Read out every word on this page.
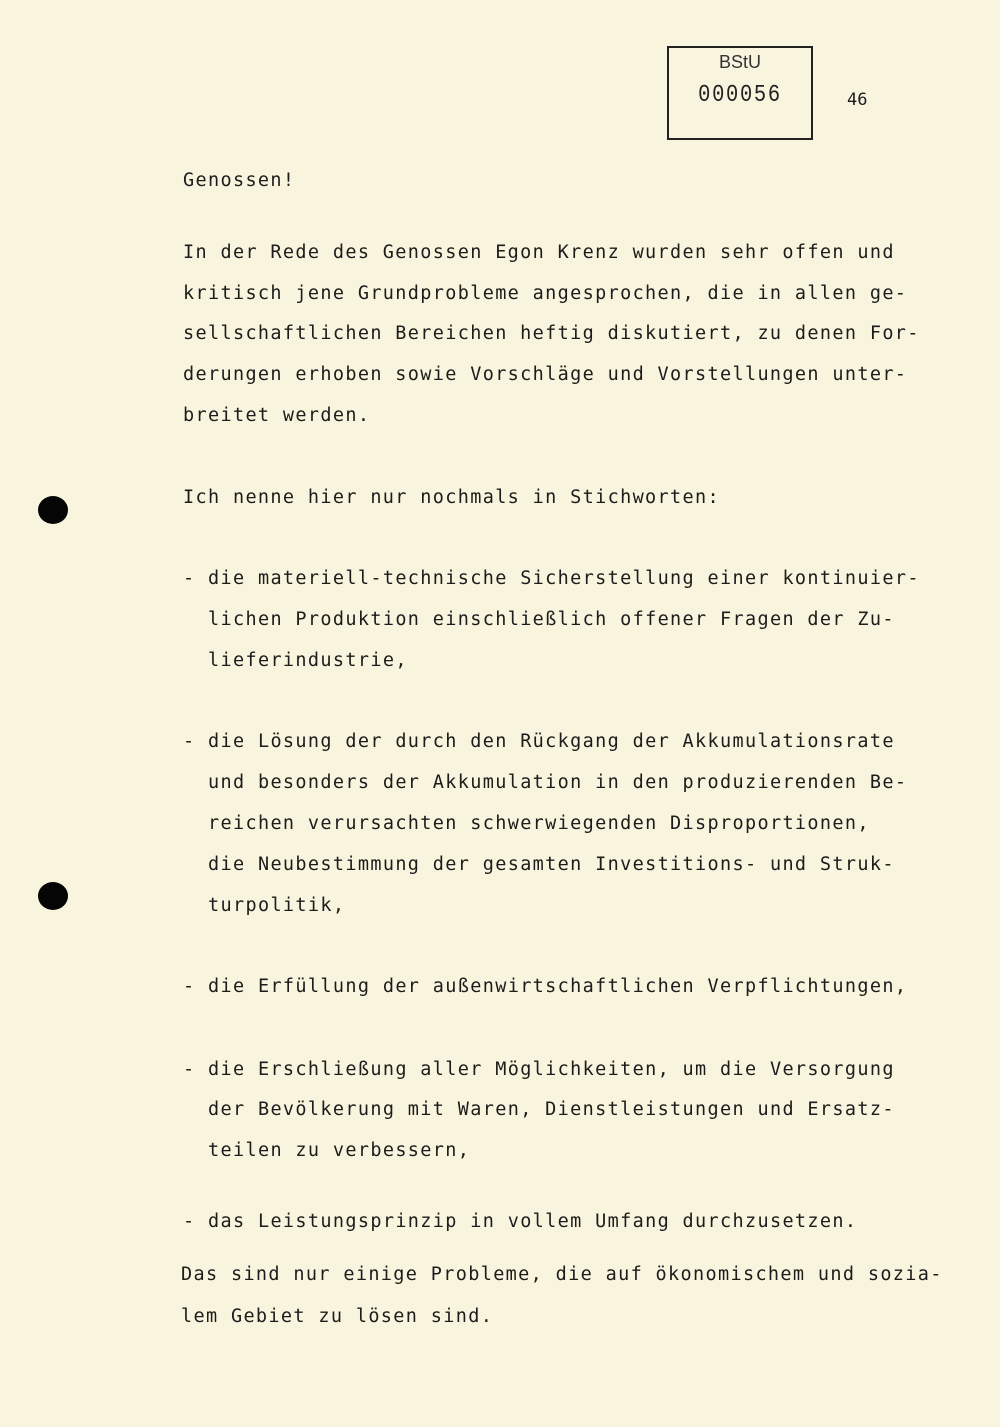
BStU
000056	46
Genossen!
In der Rede des Genossen Egon Krenz wurden sehr offen und
kritisch jene Grundprobleme angesprochen, die in allen ge-
sellschaftlichen Bereichen heftig diskutiert, zu denen For-
derungen erhoben sowie Vorschläge und Vorstellungen unter-
breitet werden.
Ich nenne hier nur nochmals in Stichworten:
- die materiell-technische Sicherstellung einer kontinuier-
lichen Produktion einschließlich offener Fragen der Zu-
lieferindustrie,
- die Lösung der durch den Rückgang der Akkumulationsrate
und besonders der Akkumulation in den produzierenden Be-
reichen verursachten schwerwiegenden Disproportionen,
die Neubestimmung der gesamten Investitions- und Struk-
turpolitik,
- die Erfüllung der außenwirtschaftlichen Verpflichtungen,
- die Erschließung aller Möglichkeiten, um die Versorgung
der Bevölkerung mit Waren, Dienstleistungen und Ersatz-
teilen zu verbessern,
- das Leistungsprinzip in vollem Umfang durchzusetzen.
Das sind nur einige Probleme, die auf ökonomischem und sozia-
lem Gebiet zu lösen sind.
